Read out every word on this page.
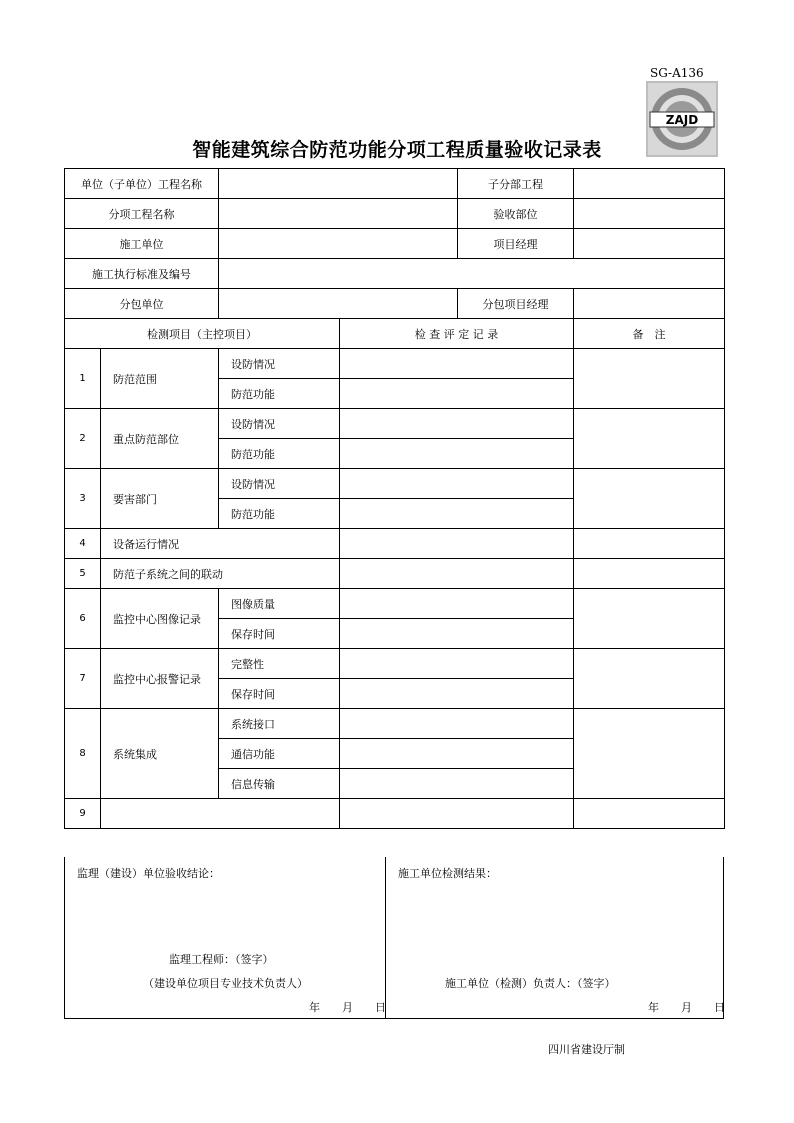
SG-A136
ZAJD
智能建筑综合防范功能分项工程质量验收记录表
单位（子单位）工程名称				子分部工程	
分项工程名称				验收部位	
施工单位				项目经理	
施工执行标准及编号					
分包单位				分包项目经理	
检测项目（主控项目）			检 查 评 定 记 录		备　注
1	防范范围	设防情况			
		防范功能			
2	重点防范部位	设防情况			
		防范功能			
3	要害部门	设防情况			
		防范功能			
4	设备运行情况				
5	防范子系统之间的联动				
6	监控中心图像记录	图像质量			
		保存时间			
7	监控中心报警记录	完整性			
		保存时间			
8	系统集成	系统接口			
		通信功能			
		信息传输			
9					
监理（建设）单位验收结论：
监理工程师：（签字）
（建设单位项目专业技术负责人）
年　　月　　日
施工单位检测结果：
施工单位（检测）负责人：（签字）
年　　月　　日
四川省建设厅制
